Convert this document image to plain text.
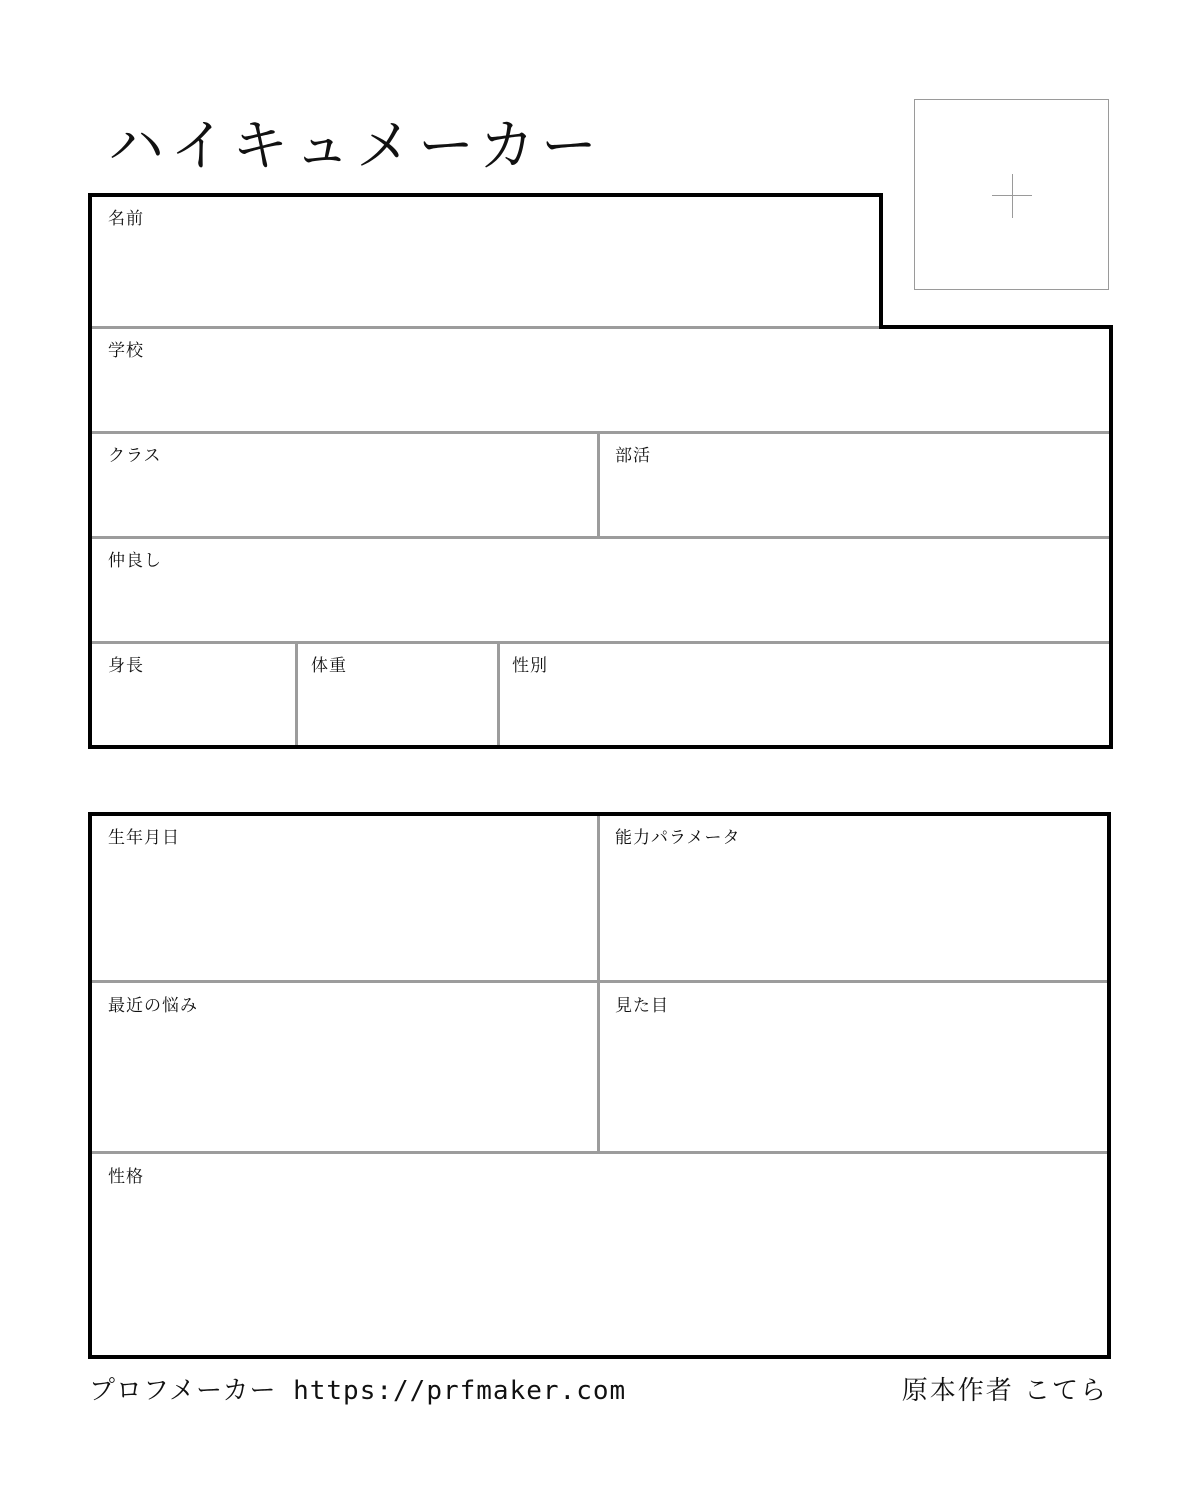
ハイキュメーカー
名前
学校
クラス	部活
仲良し
身長	体重	性別
生年月日	能力パラメータ
最近の悩み	見た目
性格
プロフメーカー https://prfmaker.com	原本作者 こてら
